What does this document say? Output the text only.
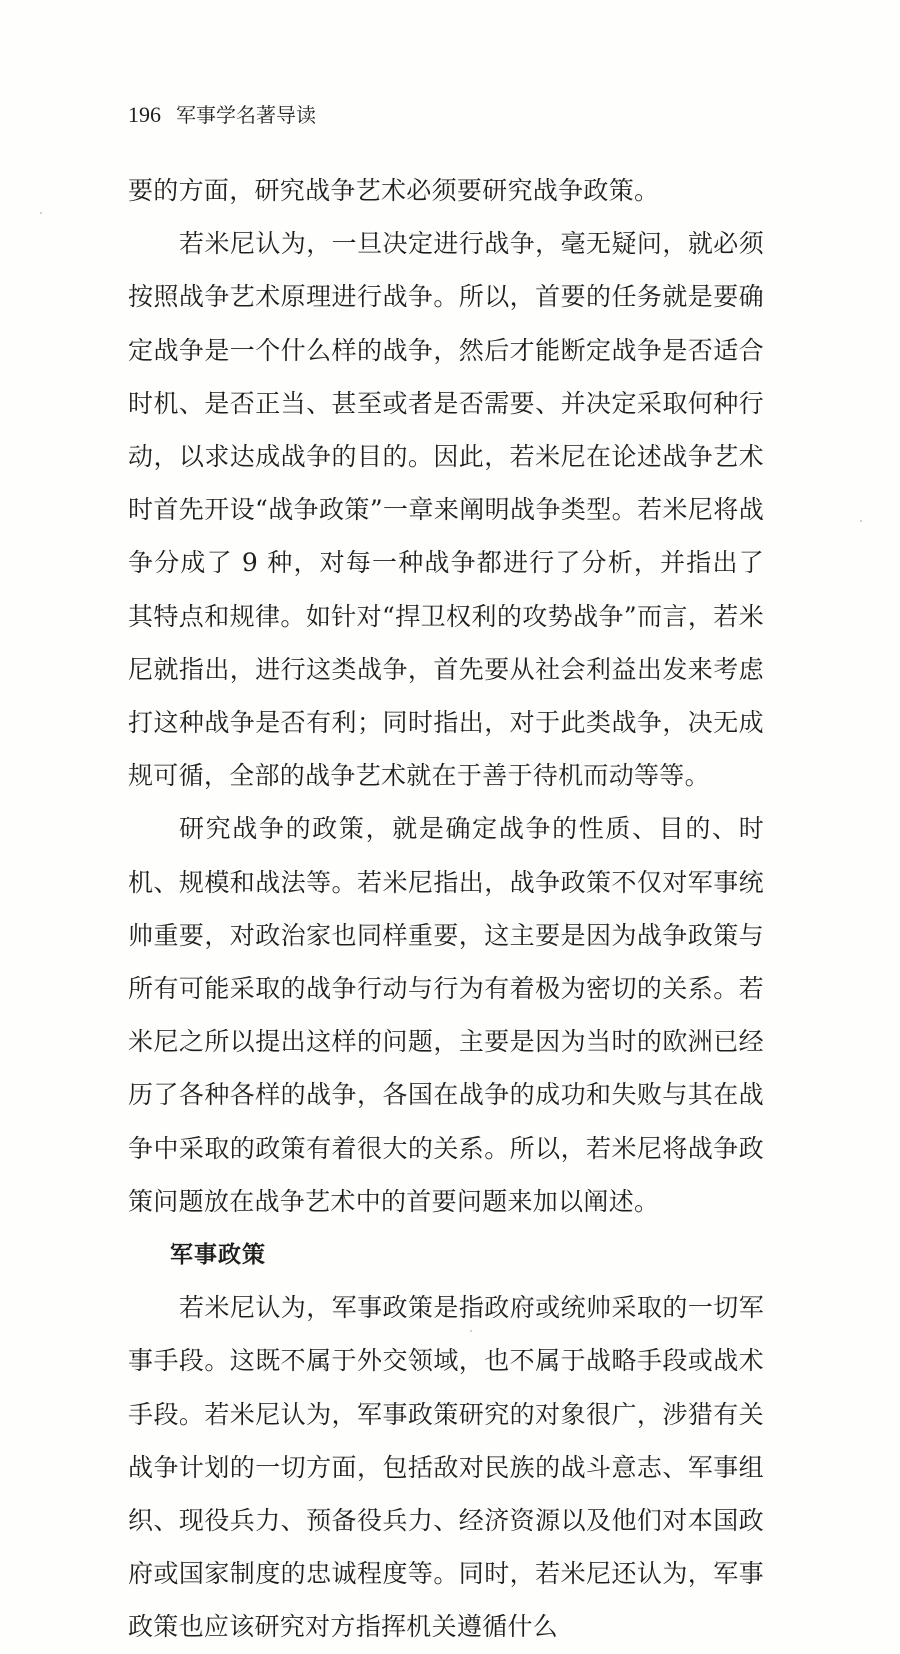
196 军事学名著导读

要的方面，研究战争艺术必须要研究战争政策。

若米尼认为，一旦决定进行战争，毫无疑问，就必须按照战争艺术原理进行战争。所以，首要的任务就是要确定战争是一个什么样的战争，然后才能断定战争是否适合时机、是否正当、甚至或者是否需要、并决定采取何种行动，以求达成战争的目的。因此，若米尼在论述战争艺术时首先开设“战争政策”一章来阐明战争类型。若米尼将战争分成了 9 种，对每一种战争都进行了分析，并指出了其特点和规律。如针对“捍卫权利的攻势战争”而言，若米尼就指出，进行这类战争，首先要从社会利益出发来考虑打这种战争是否有利；同时指出，对于此类战争，决无成规可循，全部的战争艺术就在于善于待机而动等等。

研究战争的政策，就是确定战争的性质、目的、时机、规模和战法等。若米尼指出，战争政策不仅对军事统帅重要，对政治家也同样重要，这主要是因为战争政策与所有可能采取的战争行动与行为有着极为密切的关系。若米尼之所以提出这样的问题，主要是因为当时的欧洲已经历了各种各样的战争，各国在战争的成功和失败与其在战争中采取的政策有着很大的关系。所以，若米尼将战争政策问题放在战争艺术中的首要问题来加以阐述。

军事政策

若米尼认为，军事政策是指政府或统帅采取的一切军事手段。这既不属于外交领域，也不属于战略手段或战术手段。若米尼认为，军事政策研究的对象很广，涉猎有关战争计划的一切方面，包括敌对民族的战斗意志、军事组织、现役兵力、预备役兵力、经济资源以及他们对本国政府或国家制度的忠诚程度等。同时，若米尼还认为，军事政策也应该研究对方指挥机关遵循什么
